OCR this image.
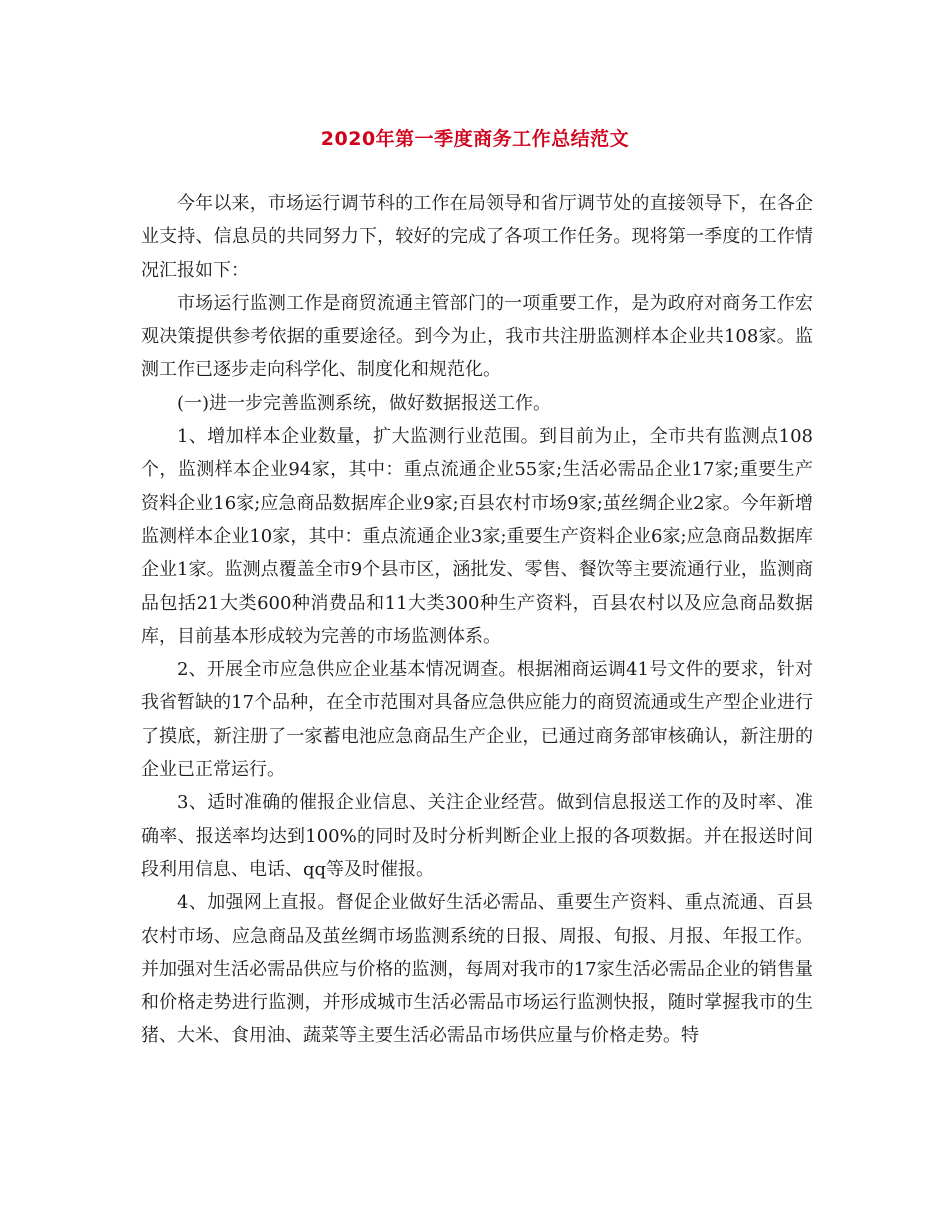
2020年第一季度商务工作总结范文

今年以来，市场运行调节科的工作在局领导和省厅调节处的直接领导下，在各企业支持、信息员的共同努力下，较好的完成了各项工作任务。现将第一季度的工作情况汇报如下：

市场运行监测工作是商贸流通主管部门的一项重要工作，是为政府对商务工作宏观决策提供参考依据的重要途径。到今为止，我市共注册监测样本企业共108家。监测工作已逐步走向科学化、制度化和规范化。

(一)进一步完善监测系统，做好数据报送工作。

1、增加样本企业数量，扩大监测行业范围。到目前为止，全市共有监测点108个，监测样本企业94家，其中：重点流通企业55家;生活必需品企业17家;重要生产资料企业16家;应急商品数据库企业9家;百县农村市场9家;茧丝绸企业2家。今年新增监测样本企业10家，其中：重点流通企业3家;重要生产资料企业6家;应急商品数据库企业1家。监测点覆盖全市9个县市区，涵批发、零售、餐饮等主要流通行业，监测商品包括21大类600种消费品和11大类300种生产资料，百县农村以及应急商品数据库，目前基本形成较为完善的市场监测体系。

2、开展全市应急供应企业基本情况调查。根据湘商运调41号文件的要求，针对我省暂缺的17个品种，在全市范围对具备应急供应能力的商贸流通或生产型企业进行了摸底，新注册了一家蓄电池应急商品生产企业，已通过商务部审核确认，新注册的企业已正常运行。

3、适时准确的催报企业信息、关注企业经营。做到信息报送工作的及时率、准确率、报送率均达到100%的同时及时分析判断企业上报的各项数据。并在报送时间段利用信息、电话、qq等及时催报。

4、加强网上直报。督促企业做好生活必需品、重要生产资料、重点流通、百县农村市场、应急商品及茧丝绸市场监测系统的日报、周报、旬报、月报、年报工作。并加强对生活必需品供应与价格的监测，每周对我市的17家生活必需品企业的销售量和价格走势进行监测，并形成城市生活必需品市场运行监测快报，随时掌握我市的生猪、大米、食用油、蔬菜等主要生活必需品市场供应量与价格走势。特
